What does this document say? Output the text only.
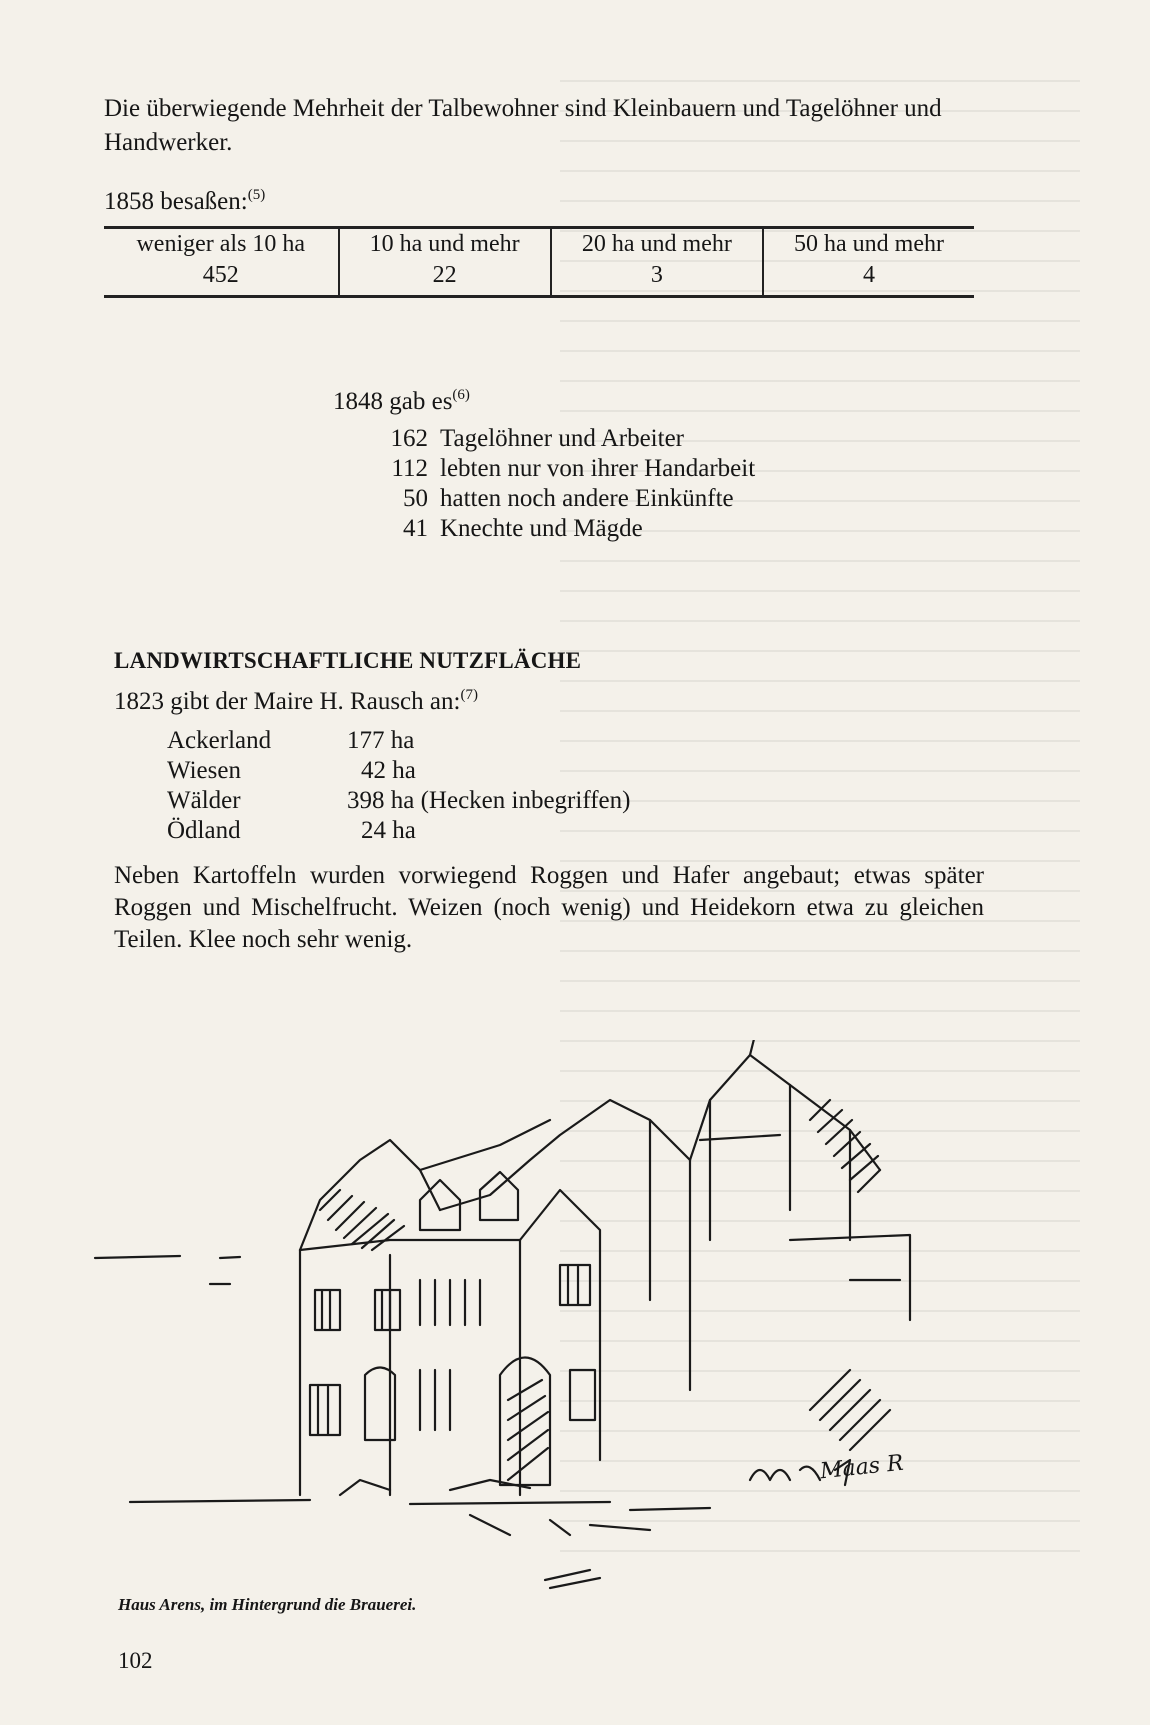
Die überwiegende Mehrheit der Talbewohner sind Kleinbauern und Tagelöhner und Handwerker.

1858 besaßen:$^{(5)}$
weniger als 10 ha	10 ha und mehr	20 ha und mehr	50 ha und mehr
452	22	3	4
1848 gab $es^{(6)}$
162 Tagelöhner und Arbeiter
112 lebten nur von ihrer Handarbeit
50 hatten noch andere Einkünfte
41 Knechte und Mägde
LANDWIRTSCHAFTLICHE NUTZFLÄCHE
1823 gibt der Maire H. Rausch an:$^{(7)}$
Ackerland	177 ha
Wiesen	42 ha
Wälder	398 ha (Hecken inbegriffen)
Ödland	24 ha

Neben Kartoffeln wurden vorwiegend Roggen und Hafer angebaut; etwas später Roggen und Mischelfrucht. Weizen (noch wenig) und Heidekorn etwa zu gleichen Teilen. Klee noch sehr wenig.

Maas R
Haus Arens, im Hintergrund die Brauerei.
102
